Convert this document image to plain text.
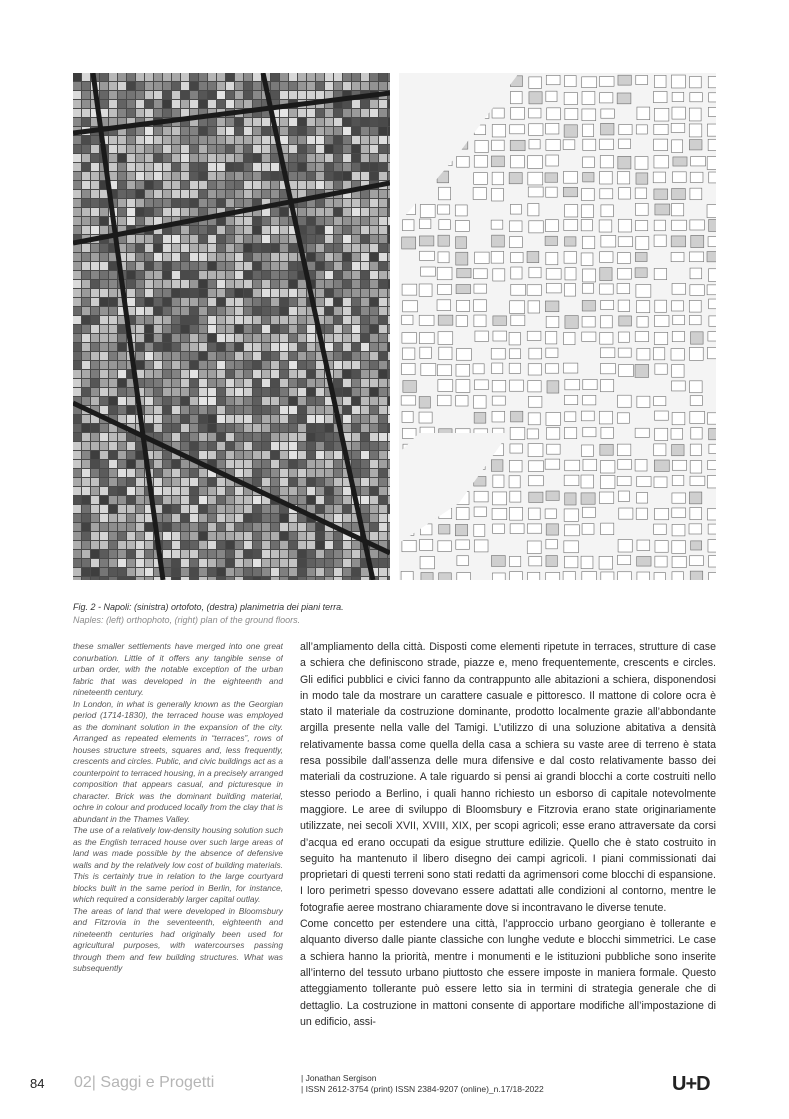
Fig. 2 - Napoli: (sinistra) ortofoto, (destra) planimetria dei piani terra.
Naples: (left) orthophoto, (right) plan of the ground floors.

these smaller settlements have merged into one great conurbation. Little of it offers any tangible sense of urban order, with the notable exception of the urban fabric that was developed in the eighteenth and nineteenth century.

In London, in what is generally known as the Georgian period (1714-1830), the terraced house was employed as the dominant solution in the expansion of the city. Arranged as repeated elements in “terraces”, rows of houses structure streets, squares and, less frequently, crescents and circles. Public, and civic buildings act as a counterpoint to terraced housing, in a precisely arranged composition that appears casual, and picturesque in character. Brick was the dominant building material, ochre in colour and produced locally from the clay that is abundant in the Thames Valley.

The use of a relatively low-density housing solution such as the English terraced house over such large areas of land was made possible by the absence of defensive walls and by the relatively low cost of building materials. This is certainly true in relation to the large courtyard blocks built in the same period in Berlin, for instance, which required a considerably larger capital outlay.

The areas of land that were developed in Bloomsbury and Fitzrovia in the seventeenth, eighteenth and nineteenth centuries had originally been used for agricultural purposes, with watercourses passing through them and few building structures. What was subsequently

all’ampliamento della città. Disposti come elementi ripetute in terraces, strutture di case a schiera che definiscono strade, piazze e, meno frequentemente, crescents e circles. Gli edifici pubblici e civici fanno da contrappunto alle abitazioni a schiera, disponendosi in modo tale da mostrare un carattere casuale e pittoresco. Il mattone di colore ocra è stato il materiale da costruzione dominante, prodotto localmente grazie all’abbondante argilla presente nella valle del Tamigi. L’utilizzo di una soluzione abitativa a densità relativamente bassa come quella della casa a schiera su vaste aree di terreno è stata resa possibile dall’assenza delle mura difensive e dal costo relativamente basso dei materiali da costruzione. A tale riguardo si pensi ai grandi blocchi a corte costruiti nello stesso periodo a Berlino, i quali hanno richiesto un esborso di capitale notevolmente maggiore. Le aree di sviluppo di Bloomsbury e Fitzrovia erano state originariamente utilizzate, nei secoli XVII, XVIII, XIX, per scopi agricoli; esse erano attraversate da corsi d’acqua ed erano occupati da esigue strutture edilizie. Quello che è stato costruito in seguito ha mantenuto il libero disegno dei campi agricoli. I piani commissionati dai proprietari di questi terreni sono stati redatti da agrimensori come blocchi di espansione. I loro perimetri spesso dovevano essere adattati alle condizioni al contorno, mentre le fotografie aeree mostrano chiaramente dove si incontravano le diverse tenute.

Come concetto per estendere una città, l’approccio urbano georgiano è tollerante e alquanto diverso dalle piante classiche con lunghe vedute e blocchi simmetrici. Le case a schiera hanno la priorità, mentre i monumenti e le istituzioni pubbliche sono inserite all’interno del tessuto urbano piuttosto che essere imposte in maniera formale. Questo atteggiamento tollerante può essere letto sia in termini di strategia generale che di dettaglio. La costruzione in mattoni consente di apportare modifiche all’impostazione di un edificio, assi-

84 02| Saggi e Progetti	| Jonathan Sergison
| ISSN 2612-3754 (print) ISSN 2384-9207 (online)_n.17/18-2022	U+D
